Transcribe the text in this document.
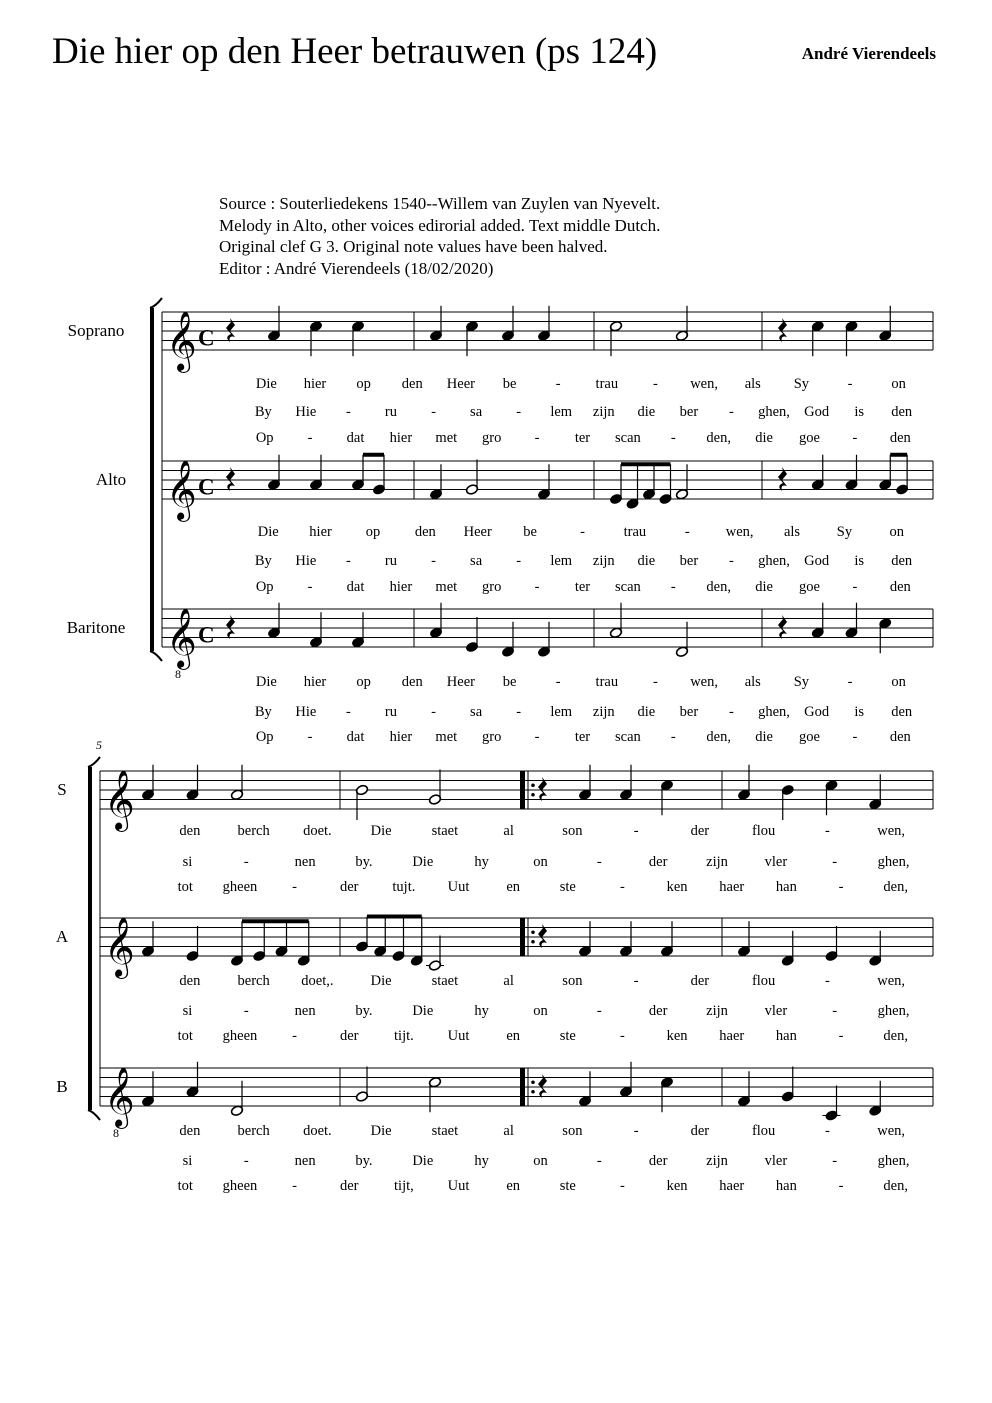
Die hier op den Heer betrauwen (ps 124)	André Vierendeels
Source : Souterliedekens 1540--Willem van Zuylen van Nyevelt.
Melody in Alto, other voices edirorial added. Text middle Dutch.
Original clef G 3. Original note values have been halved.
Editor : André Vierendeels (18/02/2020)
𝄞 C
Soprano
Die hier op den Heer be	- trau - wen, als Sy	-	on
By Hie - ru - sa - lem zijn die ber - ghen, God is den
Op - dat hier met gro - ter scan - den, die goe - den
𝄞 C
Alto
Die hier op den Heer be	-	trau	- wen, als	Sy	on
By Hie - ru - sa - lem zijn die ber - ghen, God is den
Op - dat hier met gro - ter scan - den, die goe - den
𝄞
8
C
Baritone
Die hier op den Heer be	- trau - wen, als Sy	-	on
By Hie - ru - sa - lem zijn die ber - ghen, God is den
Op - dat hier met gro - ter scan - den, die goe - den
5
𝄞
S
den	berch doet.	Die	staet	al	son	-	der	flou	-	wen,
si	-	nen	by.	Die	hy	on	-	der	zijn	vler	-	ghen,
tot gheen -	der tujt. Uut	en	ste	-	ken haer han	-	den,
𝄞
A
den	berch doet,.	Die	staet	al	son	-	der	flou	-	wen,
si	-	nen	by.	Die	hy	on	-	der	zijn	vler	-	ghen,
tot gheen -	der tijt. Uut	en	ste	-	ken haer han	-	den,
𝄞
8
B
den	berch doet.	Die	staet	al	son	-	der	flou	-	wen,
si	-	nen	by.	Die	hy	on	-	der	zijn	vler	-	ghen,
tot gheen -	der tijt, Uut	en	ste	-	ken haer han	-	den,
